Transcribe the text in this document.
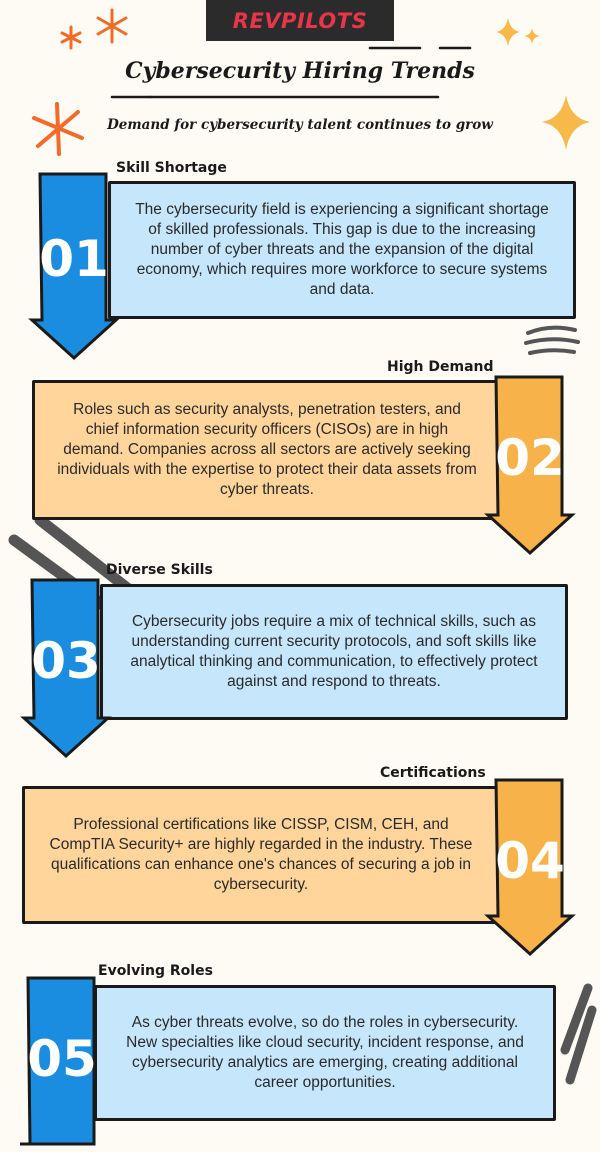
REVPILOTS
Cybersecurity Hiring Trends
Demand for cybersecurity talent continues to grow
Skill Shortage
The cybersecurity field is experiencing a significant shortage of skilled professionals. This gap is due to the increasing number of cyber threats and the expansion of the digital economy, which requires more workforce to secure systems and data.
01
High Demand
Roles such as security analysts, penetration testers, and chief information security officers (CISOs) are in high demand. Companies across all sectors are actively seeking individuals with the expertise to protect their data assets from cyber threats.
02
Diverse Skills
Cybersecurity jobs require a mix of technical skills, such as understanding current security protocols, and soft skills like analytical thinking and communication, to effectively protect against and respond to threats.
03
Certifications
Professional certifications like CISSP, CISM, CEH, and CompTIA Security+ are highly regarded in the industry. These qualifications can enhance one's chances of securing a job in cybersecurity.	04
Evolving Roles
As cyber threats evolve, so do the roles in cybersecurity. New specialties like cloud security, incident response, and cybersecurity analytics are emerging, creating additional career opportunities.
05
